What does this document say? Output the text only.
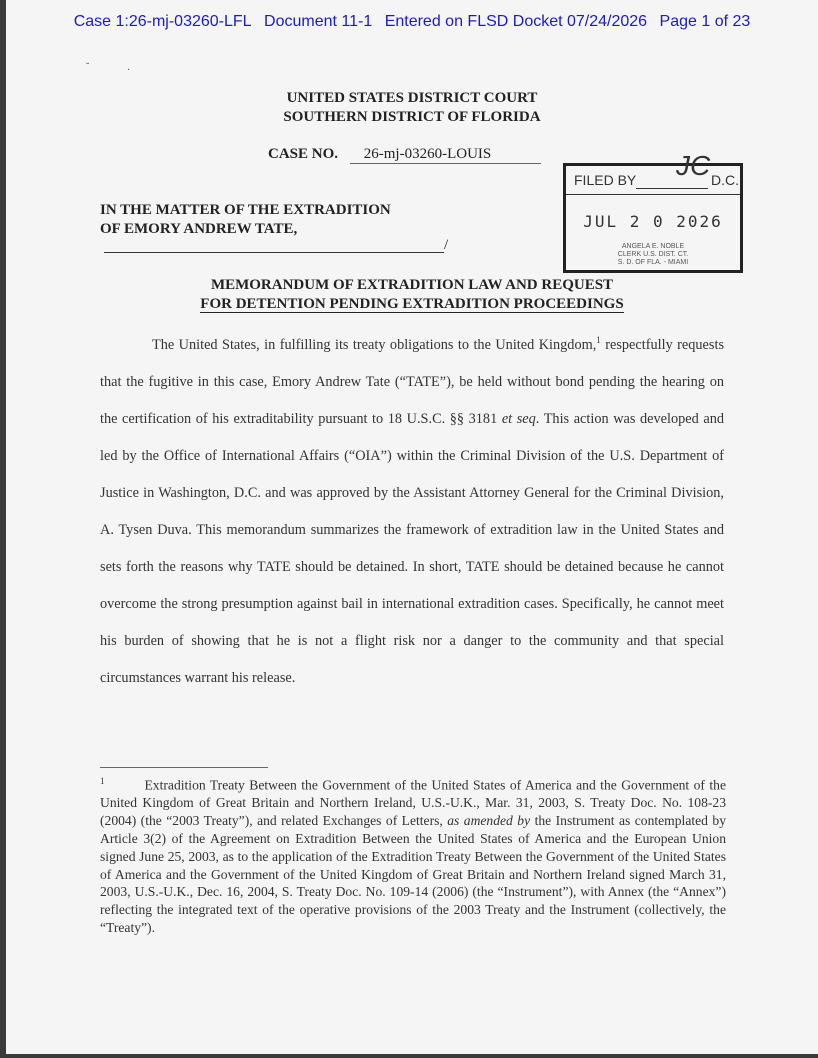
Case 1:26-mj-03260-LFL Document 11-1 Entered on FLSD Docket 07/24/2026 Page 1 of 23
˘.
UNITED STATES DISTRICT COURT
SOUTHERN DISTRICT OF FLORIDA
CASE NO. 26-mj-03260-LOUIS
IN THE MATTER OF THE EXTRADITION
OF EMORY ANDREW TATE,
/
JC
FILED BY	D.C.
JUL 2 0 2026
ANGELA E. NOBLE
CLERK U.S. DIST. CT.
S. D. OF FLA. - MIAMI
MEMORANDUM OF EXTRADITION LAW AND REQUEST
FOR DETENTION PENDING EXTRADITION PROCEEDINGS

The United States, in fulfilling its treaty obligations to the United Kingdom,$^1$ respectfully requests that the fugitive in this case, Emory Andrew Tate (“TATE”), be held without bond pending the hearing on the certification of his extraditability pursuant to 18 U.S.C. §§ 3181 et seq. This action was developed and led by the Office of International Affairs (“OIA”) within the Criminal Division of the U.S. Department of Justice in Washington, D.C. and was approved by the Assistant Attorney General for the Criminal Division, A. Tysen Duva. This memorandum summarizes the framework of extradition law in the United States and sets forth the reasons why TATE should be detained. In short, TATE should be detained because he cannot overcome the strong presumption against bail in international extradition cases. Specifically, he cannot meet his burden of showing that he is not a flight risk nor a danger to the community and that special circumstances warrant his release.

$^1$	Extradition Treaty Between the Government of the United States of America and the Government of the United Kingdom of Great Britain and Northern Ireland, U.S.-U.K., Mar. 31, 2003, S. Treaty Doc. No. 108-23 (2004) (the “2003 Treaty”), and related Exchanges of Letters, as amended by the Instrument as contemplated by Article 3(2) of the Agreement on Extradition Between the United States of America and the European Union signed June 25, 2003, as to the application of the Extradition Treaty Between the Government of the United States of America and the Government of the United Kingdom of Great Britain and Northern Ireland signed March 31, 2003, U.S.-U.K., Dec. 16, 2004, S. Treaty Doc. No. 109-14 (2006) (the “Instrument”), with Annex (the “Annex”) reflecting the integrated text of the operative provisions of the 2003 Treaty and the Instrument (collectively, the “Treaty”).
